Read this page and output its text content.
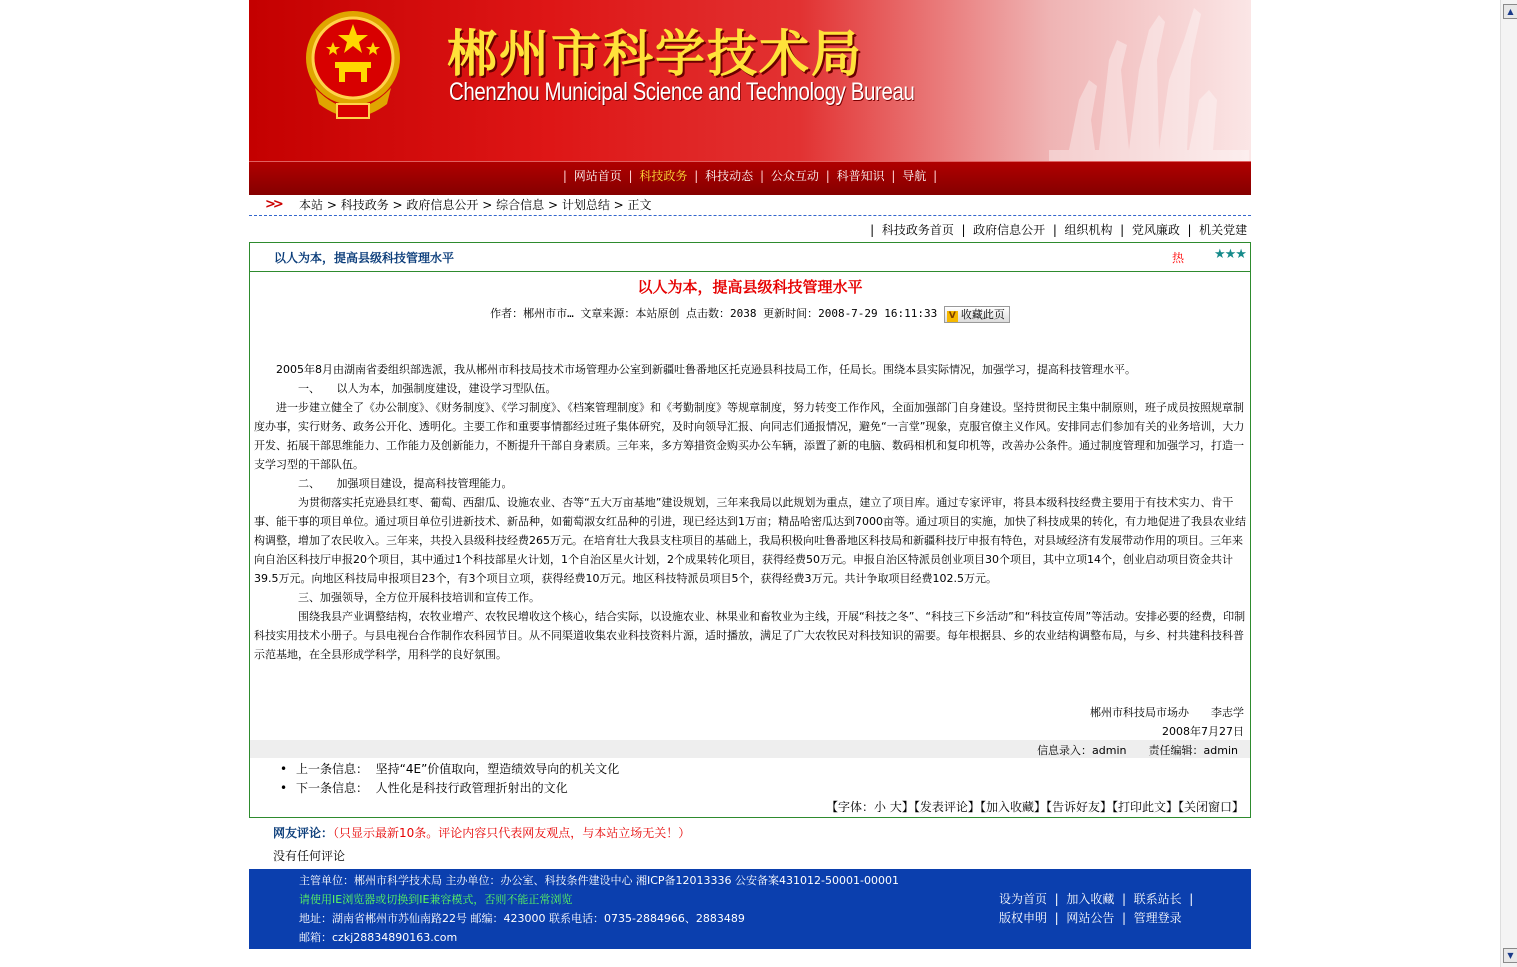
郴州市科学技术局
Chenzhou Municipal Science and Technology Bureau
| 网站首页 | 科技政务 | 科技动态 | 公众互动 | 科普知识 | 导航 |
>> 本站 > 科技政务 > 政府信息公开 > 综合信息 > 计划总结 > 正文
|  科技政务首页  |  政府信息公开  |  组织机构  |  党风廉政  |  机关党建
以人为本，提高县级科技管理水平	热 ★★★
以人为本，提高县级科技管理水平
作者：郴州市市… 文章来源：本站原创 点击数：2038 更新时间：2008-7-29 16:11:33 V 收藏此页

　　2005年8月由湖南省委组织部选派，我从郴州市科技局技术市场管理办公室到新疆吐鲁番地区托克逊县科技局工作，任局长。围绕本县实际情况，加强学习，提高科技管理水平。

　　　　一、　　以人为本，加强制度建设，建设学习型队伍。

　　进一步建立健全了《办公制度》、《财务制度》、《学习制度》、《档案管理制度》和《考勤制度》等规章制度，努力转变工作作风，全面加强部门自身建设。坚持贯彻民主集中制原则，班子成员按照规章制度办事，实行财务、政务公开化、透明化。主要工作和重要事情都经过班子集体研究，及时向领导汇报、向同志们通报情况，避免“一言堂”现象，克服官僚主义作风。安排同志们参加有关的业务培训，大力开发、拓展干部思维能力、工作能力及创新能力，不断提升干部自身素质。三年来，多方筹措资金购买办公车辆，添置了新的电脑、数码相机和复印机等，改善办公条件。通过制度管理和加强学习，打造一支学习型的干部队伍。

　　　　二、　　加强项目建设，提高科技管理能力。

　　　　为贯彻落实托克逊县红枣、葡萄、西甜瓜、设施农业、杏等“五大万亩基地”建设规划，三年来我局以此规划为重点，建立了项目库。通过专家评审，将县本级科技经费主要用于有技术实力、肯干事、能干事的项目单位。通过项目单位引进新技术、新品种，如葡萄淑女红品种的引进，现已经达到1万亩；精品哈密瓜达到7000亩等。通过项目的实施，加快了科技成果的转化，有力地促进了我县农业结构调整，增加了农民收入。三年来，共投入县级科技经费265万元。在培育壮大我县支柱项目的基础上，我局积极向吐鲁番地区科技局和新疆科技厅申报有特色，对县域经济有发展带动作用的项目。三年来向自治区科技厅申报20个项目，其中通过1个科技部星火计划，1个自治区星火计划，2个成果转化项目，获得经费50万元。申报自治区特派员创业项目30个项目，其中立项14个，创业启动项目资金共计39.5万元。向地区科技局申报项目23个，有3个项目立项，获得经费10万元。地区科技特派员项目5个，获得经费3万元。共计争取项目经费102.5万元。

　　　　三、加强领导，全方位开展科技培训和宣传工作。

　　　　围绕我县产业调整结构，农牧业增产、农牧民增收这个核心，结合实际，以设施农业、林果业和畜牧业为主线，开展“科技之冬”、“科技三下乡活动”和“科技宣传周”等活动。安排必要的经费，印制科技实用技术小册子。与县电视台合作制作农科园节目。从不同渠道收集农业科技资料片源，适时播放，满足了广大农牧民对科技知识的需要。每年根据县、乡的农业结构调整布局，与乡、村共建科技科普示范基地，在全县形成学科学，用科学的良好氛围。

郴州市科技局市场办　　李志学
2008年7月27日
信息录入：admin　　责任编辑：admin
• 上一条信息： 坚持“4E”价值取向，塑造绩效导向的机关文化
• 下一条信息： 人性化是科技行政管理折射出的文化
【字体：小 大】【发表评论】【加入收藏】【告诉好友】【打印此文】【关闭窗口】
网友评论：（只显示最新10条。评论内容只代表网友观点，与本站立场无关！）
没有任何评论
主管单位：郴州市科学技术局 主办单位：办公室、科技条件建设中心 湘ICP备12013336 公安备案431012-50001-00001
请使用IE浏览器或切换到IE兼容模式，否则不能正常浏览
地址：湖南省郴州市苏仙南路22号 邮编：423000 联系电话：0735-2884966、2883489
邮箱：czkj28834890163.com
设为首页  |  加入收藏  |  联系站长  |
版权申明  |  网站公告  |  管理登录
▲
▼
